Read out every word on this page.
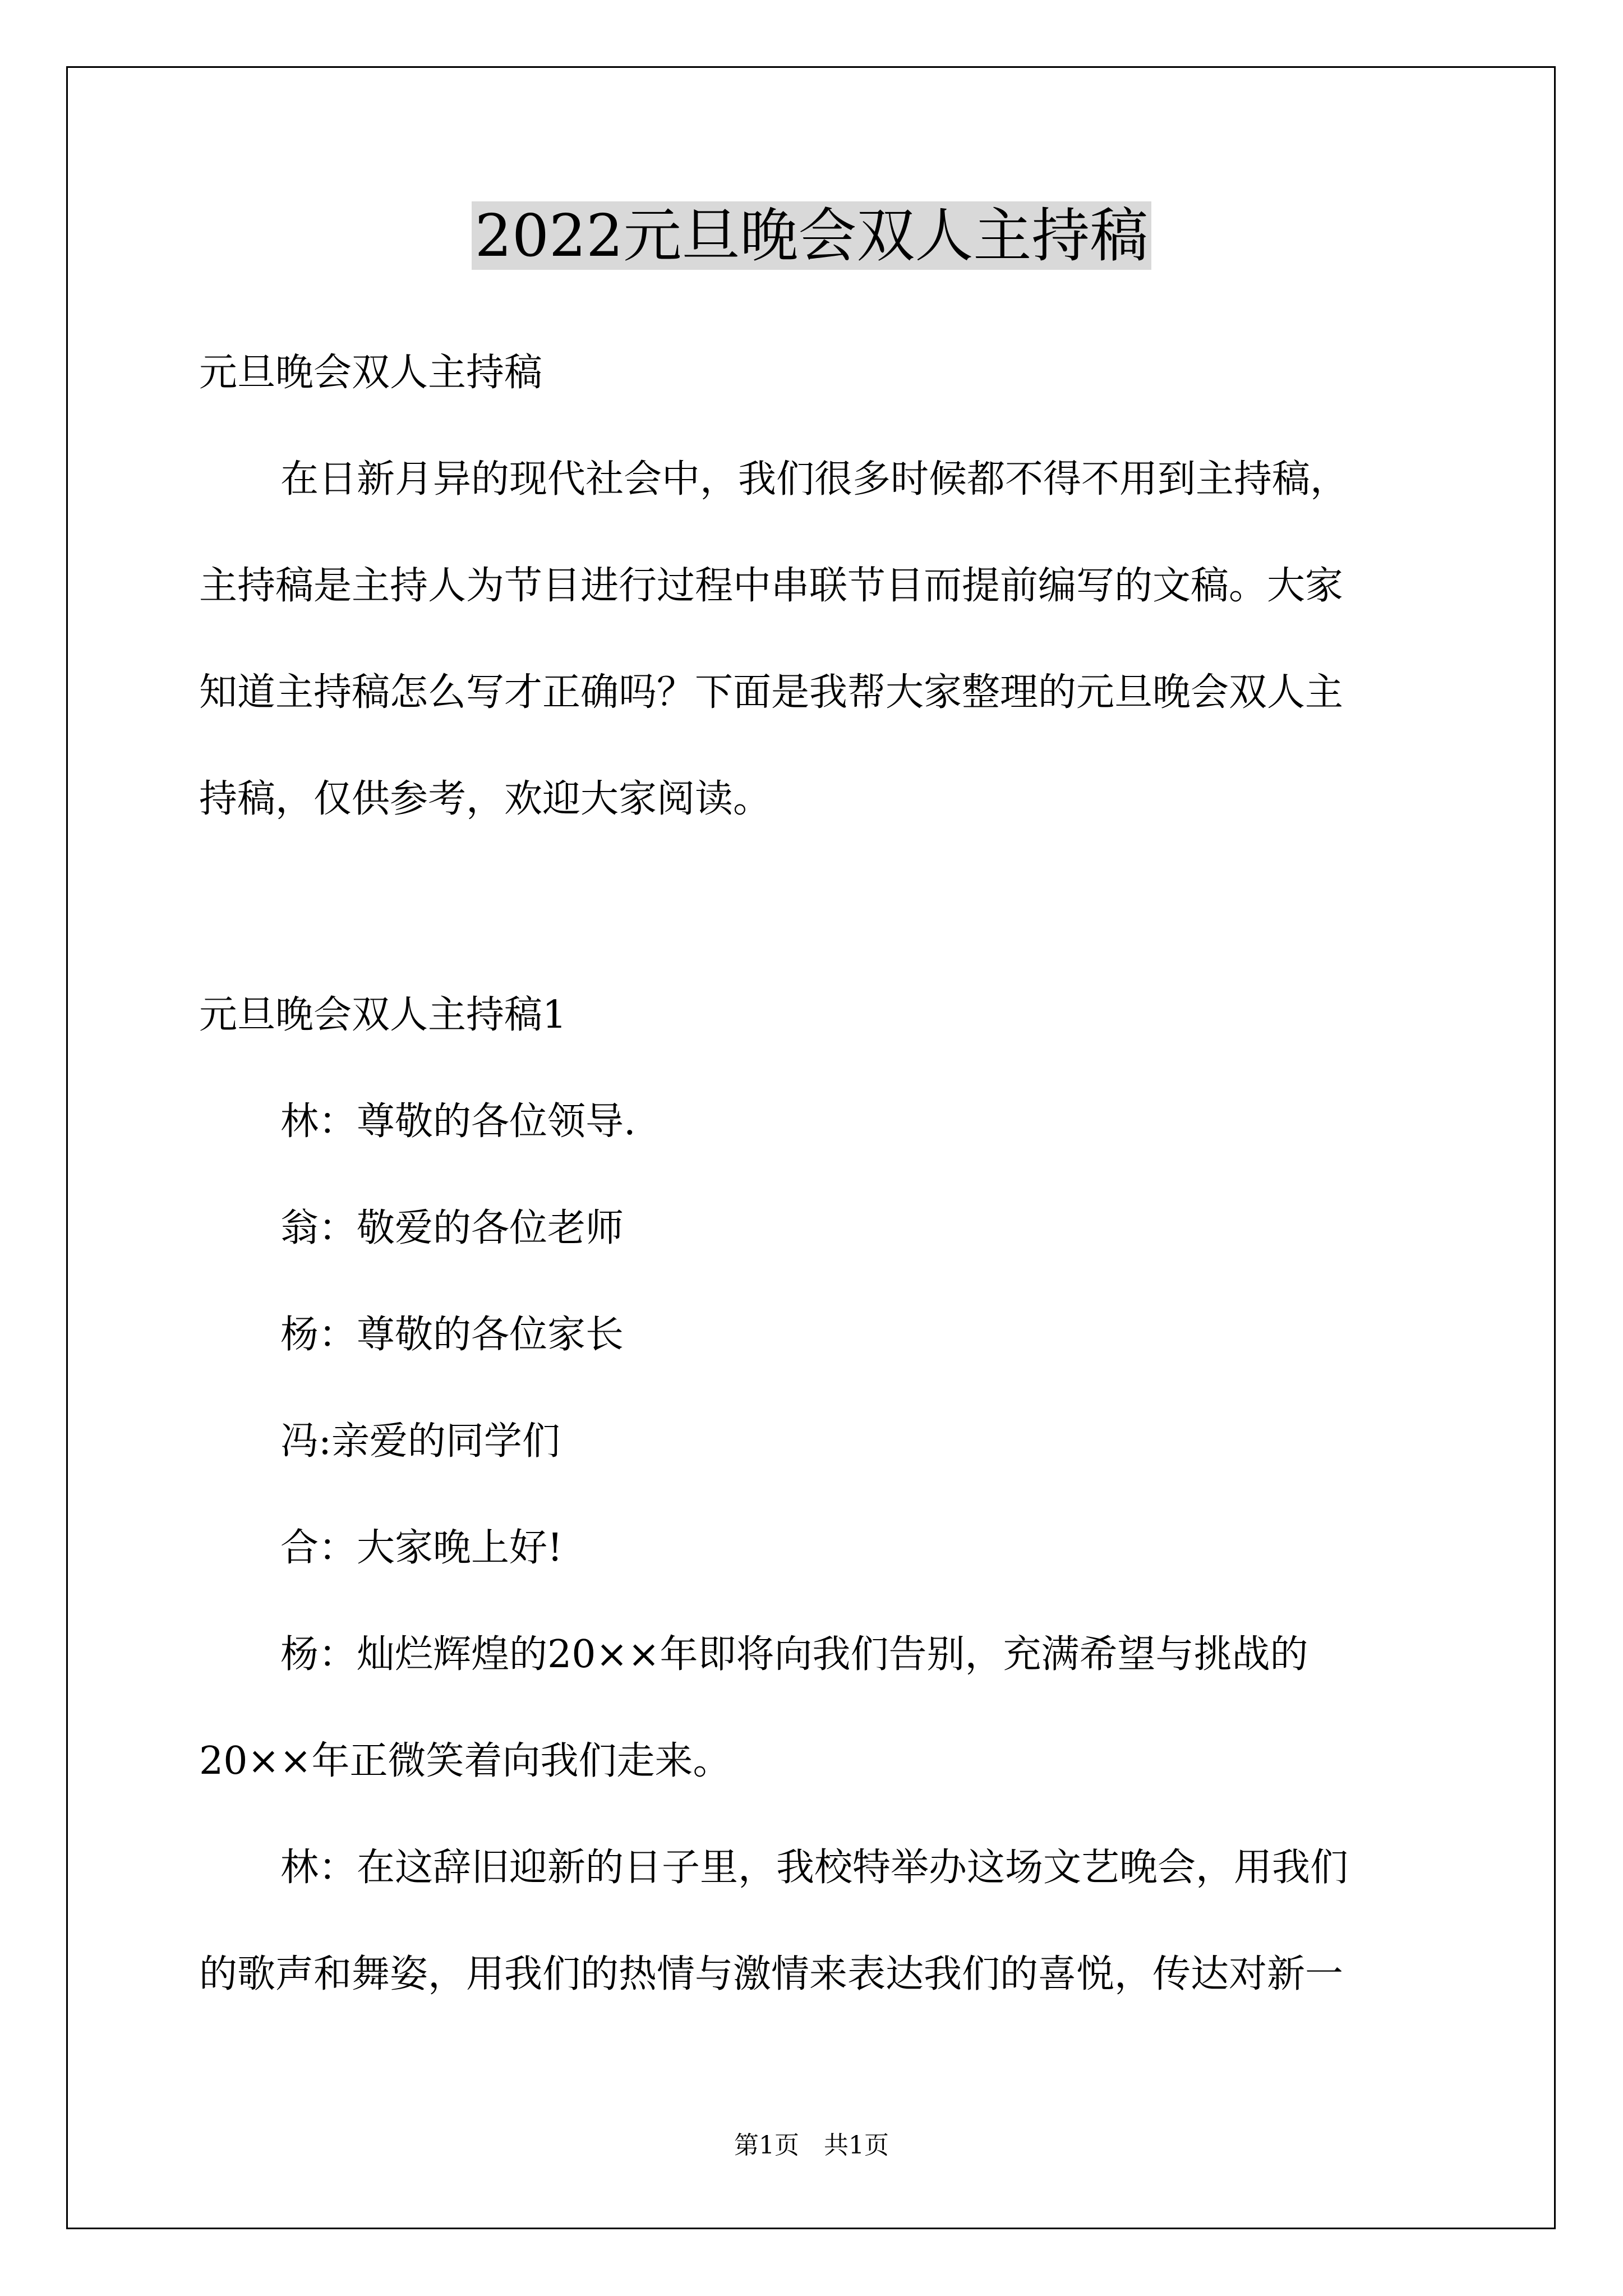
2022元旦晚会双人主持稿

元旦晚会双人主持稿

在日新月异的现代社会中，我们很多时候都不得不用到主持稿，

主持稿是主持人为节目进行过程中串联节目而提前编写的文稿。大家

知道主持稿怎么写才正确吗？下面是我帮大家整理的元旦晚会双人主

持稿，仅供参考，欢迎大家阅读。

元旦晚会双人主持稿1

林：尊敬的各位领导.

翁：敬爱的各位老师

杨：尊敬的各位家长

冯:亲爱的同学们

合：大家晚上好!

杨：灿烂辉煌的20××年即将向我们告别，充满希望与挑战的

20××年正微笑着向我们走来。

林：在这辞旧迎新的日子里，我校特举办这场文艺晚会，用我们

的歌声和舞姿，用我们的热情与激情来表达我们的喜悦，传达对新一

第1页　共1页
